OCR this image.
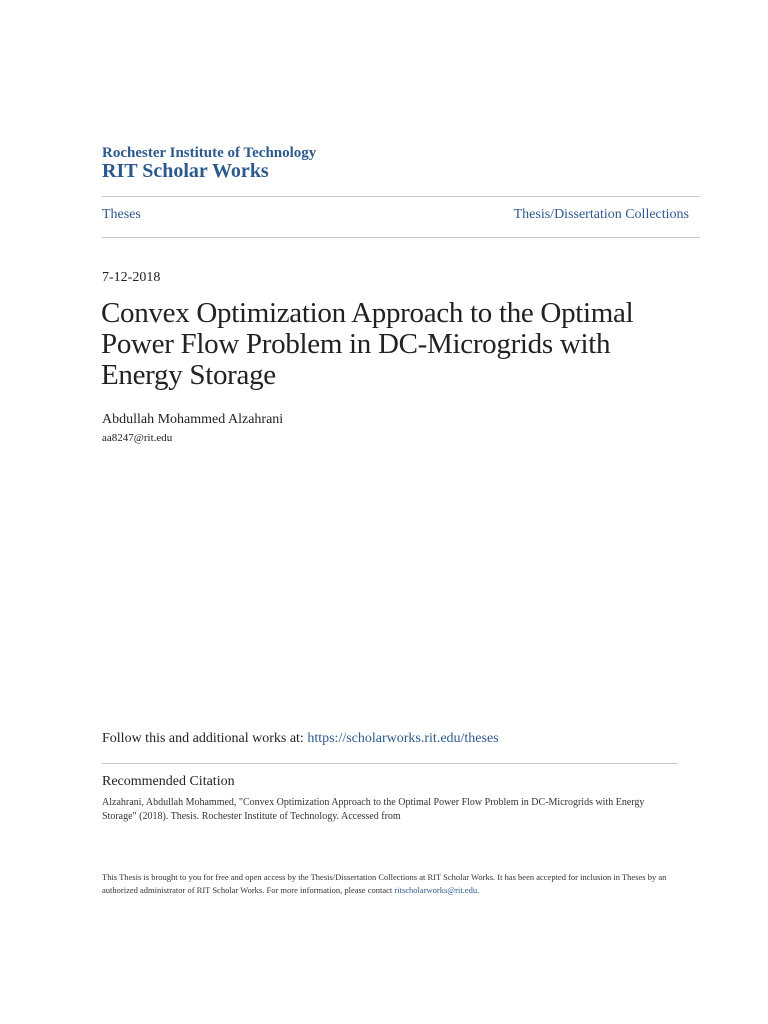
Rochester Institute of Technology
RIT Scholar Works
Theses	Thesis/Dissertation Collections
7-12-2018
Convex Optimization Approach to the Optimal Power Flow Problem in DC-Microgrids with Energy Storage
Abdullah Mohammed Alzahrani
aa8247@rit.edu
Follow this and additional works at: https://scholarworks.rit.edu/theses
Recommended Citation
Alzahrani, Abdullah Mohammed, "Convex Optimization Approach to the Optimal Power Flow Problem in DC-Microgrids with Energy Storage" (2018). Thesis. Rochester Institute of Technology. Accessed from
This Thesis is brought to you for free and open access by the Thesis/Dissertation Collections at RIT Scholar Works. It has been accepted for inclusion in Theses by an authorized administrator of RIT Scholar Works. For more information, please contact ritscholarworks@rit.edu.
